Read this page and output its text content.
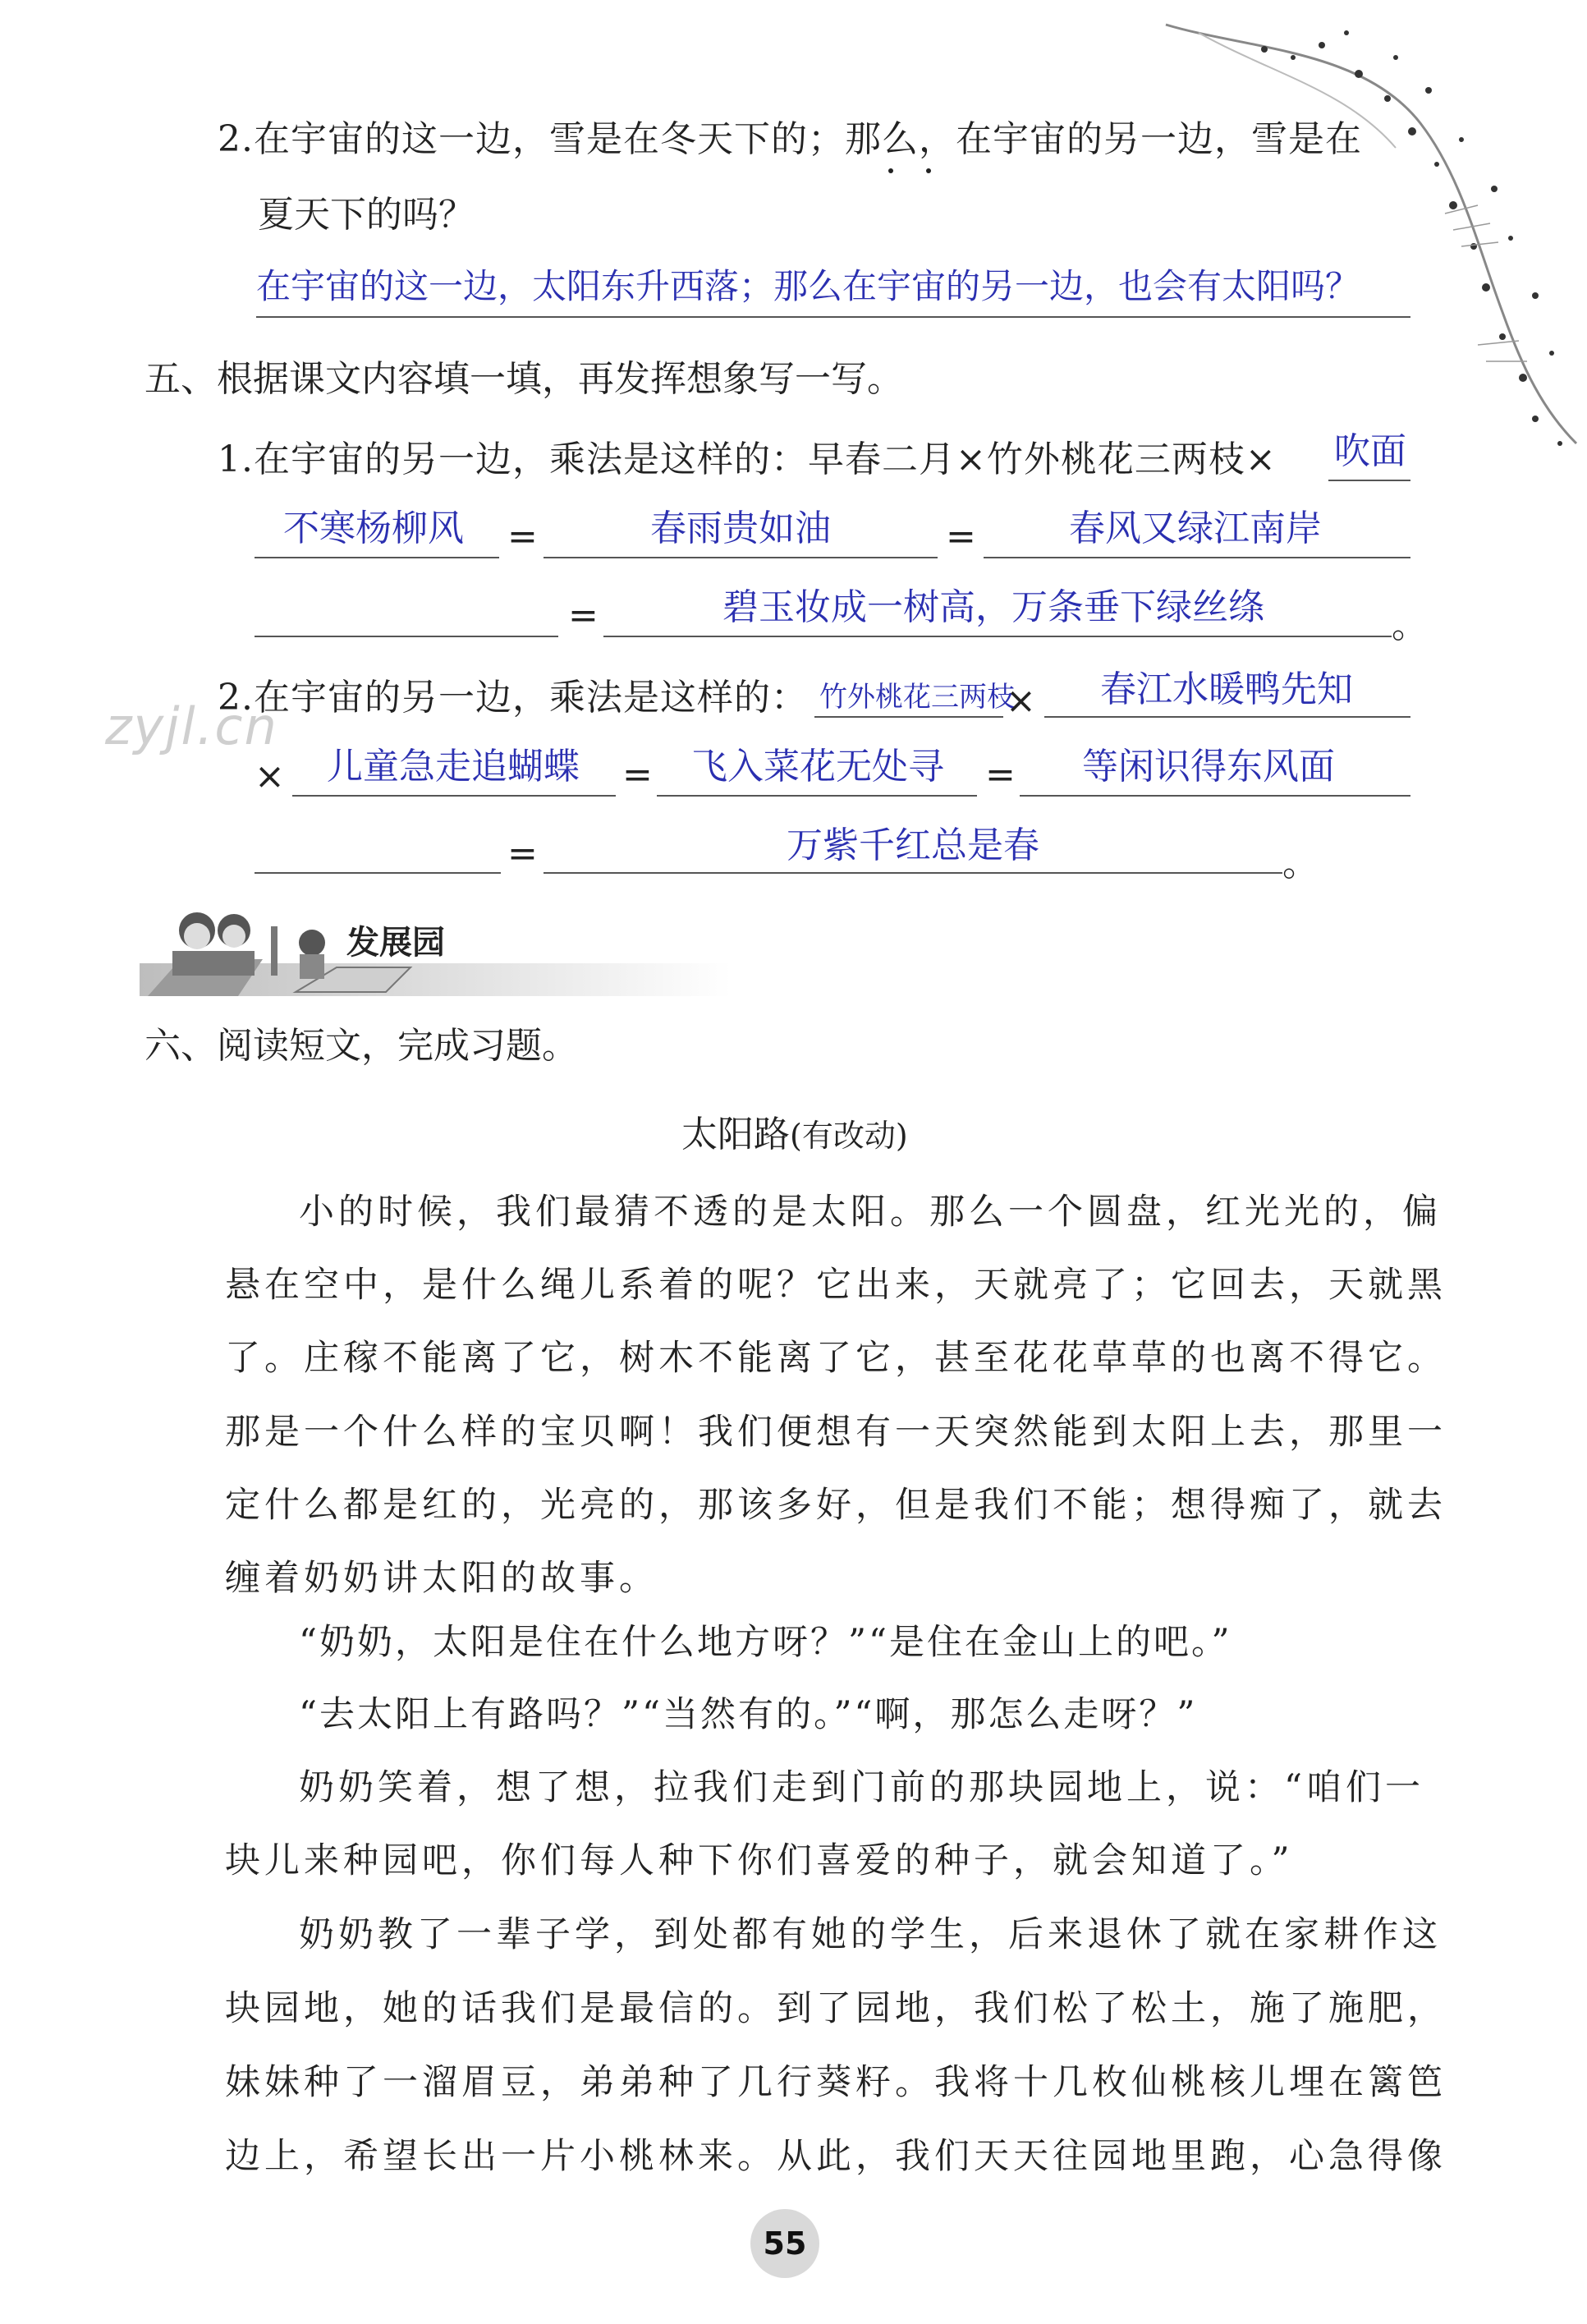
2.在宇宙的这一边，雪是在冬天下的；那么，在宇宙的另一边，雪是在
夏天下的吗？
在宇宙的这一边，太阳东升西落；那么在宇宙的另一边，也会有太阳吗？
五、根据课文内容填一填，再发挥想象写一写。
1.在宇宙的另一边，乘法是这样的：早春二月×竹外桃花三两枝× 吹面
不寒杨柳风 =	春雨贵如油	=	春风又绿江南岸
=	碧玉妆成一树高，万条垂下绿丝绦	。
zyjl.cn
2.在宇宙的另一边，乘法是这样的： 竹外桃花三两枝
× 春江水暖鸭先知
× 儿童急走追蝴蝶 = 飞入菜花无处寻 = 等闲识得东风面
=	万紫千红总是春	。
发展园
六、阅读短文，完成习题。
太阳路(有改动)
小的时候，我们最猜不透的是太阳。那么一个圆盘，红光光的，偏
悬在空中，是什么绳儿系着的呢？它出来，天就亮了；它回去，天就黑
了。庄稼不能离了它，树木不能离了它，甚至花花草草的也离不得它。
那是一个什么样的宝贝啊！我们便想有一天突然能到太阳上去，那里一
定什么都是红的，光亮的，那该多好，但是我们不能；想得痴了，就去
缠着奶奶讲太阳的故事。
“奶奶，太阳是住在什么地方呀？”“是住在金山上的吧。”
“去太阳上有路吗？”“当然有的。”“啊，那怎么走呀？”
奶奶笑着，想了想，拉我们走到门前的那块园地上，说：“咱们一
块儿来种园吧，你们每人种下你们喜爱的种子，就会知道了。”
奶奶教了一辈子学，到处都有她的学生，后来退休了就在家耕作这
块园地，她的话我们是最信的。到了园地，我们松了松土，施了施肥，
妹妹种了一溜眉豆，弟弟种了几行葵籽。我将十几枚仙桃核儿埋在篱笆
边上，希望长出一片小桃林来。从此，我们天天往园地里跑，心急得像
55
